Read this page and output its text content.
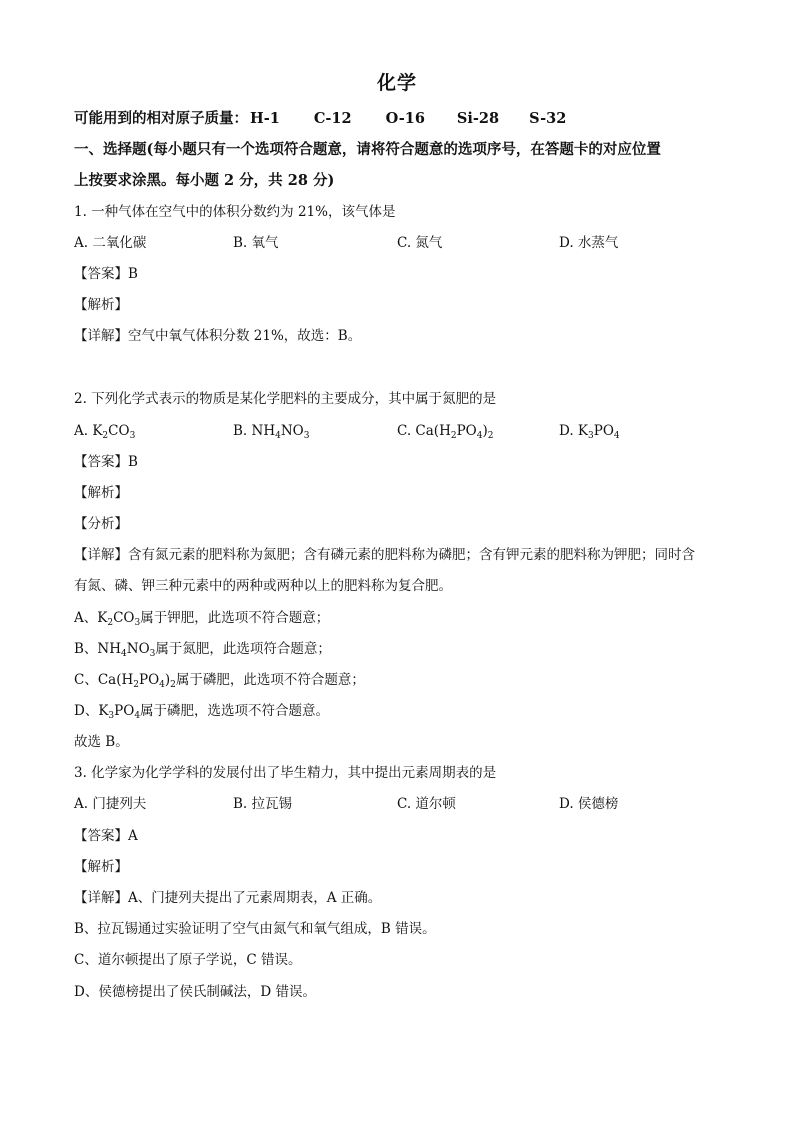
化学
可能用到的相对原子质量： H-1 C-12 O-16 Si-28 S-32
一、选择题(每小题只有一个选项符合题意，请将符合题意的选项序号，在答题卡的对应位置
上按要求涂黑。每小题 2 分，共 28 分)
1. 一种气体在空气中的体积分数约为 21%，该气体是
A. 二氧化碳	B. 氧气	C. 氮气	D. 水蒸气
【答案】B
【解析】
【详解】空气中氧气体积分数 21%，故选：B。
2. 下列化学式表示的物质是某化学肥料的主要成分，其中属于氮肥的是
A. $K_2CO_3$	B. $NH_4NO_3$	C. $Ca(H_2PO_4)_2$	D. $K_3PO_4$
【答案】B
【解析】
【分析】
【详解】含有氮元素的肥料称为氮肥；含有磷元素的肥料称为磷肥；含有钾元素的肥料称为钾肥；同时含
有氮、磷、钾三种元素中的两种或两种以上的肥料称为复合肥。
A、$K_2CO_3$属于钾肥，此选项不符合题意；
B、$NH_4NO_3$属于氮肥，此选项符合题意；
C、$Ca(H_2PO_4)_2$属于磷肥，此选项不符合题意；
D、$K_3PO_4$属于磷肥，选选项不符合题意。
故选 B。
3. 化学家为化学学科的发展付出了毕生精力，其中提出元素周期表的是
A. 门捷列夫	B. 拉瓦锡	C. 道尔顿	D. 侯德榜
【答案】A
【解析】
【详解】A、门捷列夫提出了元素周期表，A 正确。
B、拉瓦锡通过实验证明了空气由氮气和氧气组成，B 错误。
C、道尔顿提出了原子学说，C 错误。
D、侯德榜提出了侯氏制碱法，D 错误。
